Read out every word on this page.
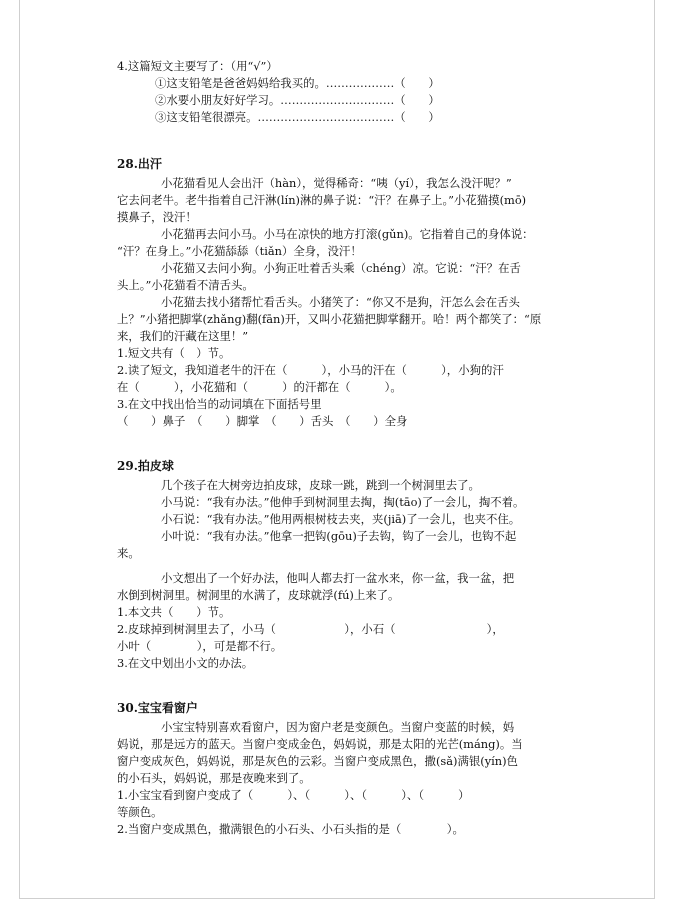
4.这篇短文主要写了：（用“√”）
①这支铅笔是爸爸妈妈给我买的。………………（　　）
②水要小朋友好好学习。…………………………（　　）
③这支铅笔很漂亮。………………………………（　　）
28.出汗
小花猫看见人会出汗（hàn），觉得稀奇：“咦（yí），我怎么没汗呢？”
它去问老牛。老牛指着自己汗淋(lín)淋的鼻子说：“汗？在鼻子上。”小花猫摸(mō)
摸鼻子，没汗！
小花猫再去问小马。小马在凉快的地方打滚(gǔn)。它指着自己的身体说：
“汗？在身上。”小花猫舔舔（tiǎn）全身，没汗！
小花猫又去问小狗。小狗正吐着舌头乘（chéng）凉。它说：“汗？在舌
头上。”小花猫看不清舌头。
小花猫去找小猪帮忙看舌头。小猪笑了：“你又不是狗，汗怎么会在舌头
上？”小猪把脚掌(zhǎng)翻(fān)开，又叫小花猫把脚掌翻开。哈！两个都笑了：“原
来，我们的汗藏在这里！”
1.短文共有（　）节。
2.读了短文，我知道老牛的汗在（　　　），小马的汗在（　　　），小狗的汗
在（　　　），小花猫和（　　　）的汗都在（　　　）。
3.在文中找出恰当的动词填在下面括号里
（　　）鼻子　（　　）脚掌　（　　）舌头　（　　）全身
29.拍皮球
几个孩子在大树旁边拍皮球，皮球一跳，跳到一个树洞里去了。
小马说：“我有办法。”他伸手到树洞里去掏，掏(tāo)了一会儿，掏不着。
小石说：“我有办法。”他用两根树枝去夹，夹(jiā)了一会儿，也夹不住。
小叶说：“我有办法。”他拿一把钩(gōu)子去钩，钩了一会儿，也钩不起
来。
小文想出了一个好办法，他叫人都去打一盆水来，你一盆，我一盆，把
水倒到树洞里。树洞里的水满了，皮球就浮(fú)上来了。
1.本文共（　　）节。
2.皮球掉到树洞里去了，小马（　　　　　　），小石（　　　　　　　　），
小叶（　　　　），可是都不行。
3.在文中划出小文的办法。
30.宝宝看窗户
小宝宝特别喜欢看窗户，因为窗户老是变颜色。当窗户变蓝的时候，妈
妈说，那是远方的蓝天。当窗户变成金色，妈妈说，那是太阳的光芒(máng)。当
窗户变成灰色，妈妈说，那是灰色的云彩。当窗户变成黑色，撒(sǎ)满银(yín)色
的小石头，妈妈说，那是夜晚来到了。
1.小宝宝看到窗户变成了（　　　）、（　　　）、（　　　）、（　　　）
等颜色。
2.当窗户变成黑色，撒满银色的小石头、小石头指的是（　　　　）。
